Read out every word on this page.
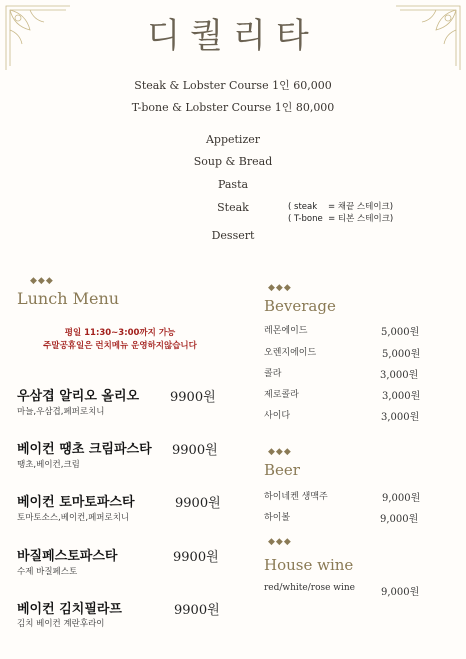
디퀄리타
Steak & Lobster Course 1인 60,000
T-bone & Lobster Course 1인 80,000
Appetizer
Soup & Bread
Pasta
Steak	( steak    = 채끝 스테이크)
( T-bone  = 티본 스테이크)
Dessert
◆◆◆
Lunch Menu
평일 11:30~3:00까지 가능
주말공휴일은 런치메뉴 운영하지않습니다
우삼겹 알리오 올리오 9900원
마늘,우삼겹,페퍼로치니
베이컨 땡초 크림파스타 9900원
땡초,베이컨,크림
베이컨 토마토파스타	9900원
토마토소스,베이컨,페퍼로치니
바질페스토파스타	9900원
수제 바질페스토
베이컨 김치필라프	9900원
김치 베이컨 계란후라이
◆◆◆
Beverage
레몬에이드	5,000원
오렌지에이드	5,000원
콜라	3,000원
제로콜라	3,000원
사이다	3,000원
◆◆◆
Beer
하이네켄 생맥주	9,000원
하이볼	9,000원
◆◆◆
House wine
red/white/rose wine	9,000원
